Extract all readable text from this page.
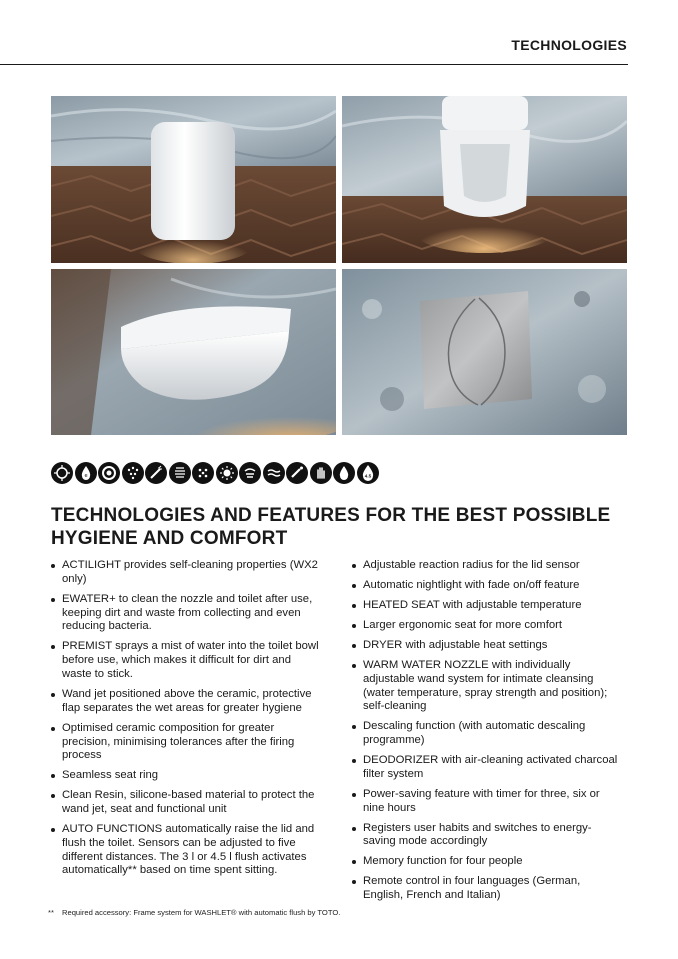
TECHNOLOGIES
e	4.5
TECHNOLOGIES AND FEATURES FOR THE BEST POSSIBLE HYGIENE AND COMFORT
ACTILIGHT provides self-cleaning properties (WX2 only)
EWATER+ to clean the nozzle and toilet after use, keeping dirt and waste from collecting and even reducing bacteria.
PREMIST sprays a mist of water into the toilet bowl before use, which makes it difficult for dirt and waste to stick.
Wand jet positioned above the ceramic, protective flap separates the wet areas for greater hygiene
Optimised ceramic composition for greater precision, minimising tolerances after the firing process
Seamless seat ring
Clean Resin, silicone-based material to protect the wand jet, seat and functional unit
AUTO FUNCTIONS automatically raise the lid and flush the toilet. Sensors can be adjusted to five different distances. The 3 l or 4.5 l flush activates automatically** based on time spent sitting.
Adjustable reaction radius for the lid sensor
Automatic nightlight with fade on/off feature
HEATED SEAT with adjustable temperature
Larger ergonomic seat for more comfort
DRYER with adjustable heat settings
WARM WATER NOZZLE with individually adjustable wand system for intimate cleansing (water temperature, spray strength and position); self-cleaning
Descaling function (with automatic descaling programme)
DEODORIZER with air-cleaning activated charcoal filter system
Power-saving feature with timer for three, six or nine hours
Registers user habits and switches to energy-saving mode accordingly
Memory function for four people
Remote control in four languages (German, English, French and Italian)
**	Required accessory: Frame system for WASHLET® with automatic flush by TOTO.
